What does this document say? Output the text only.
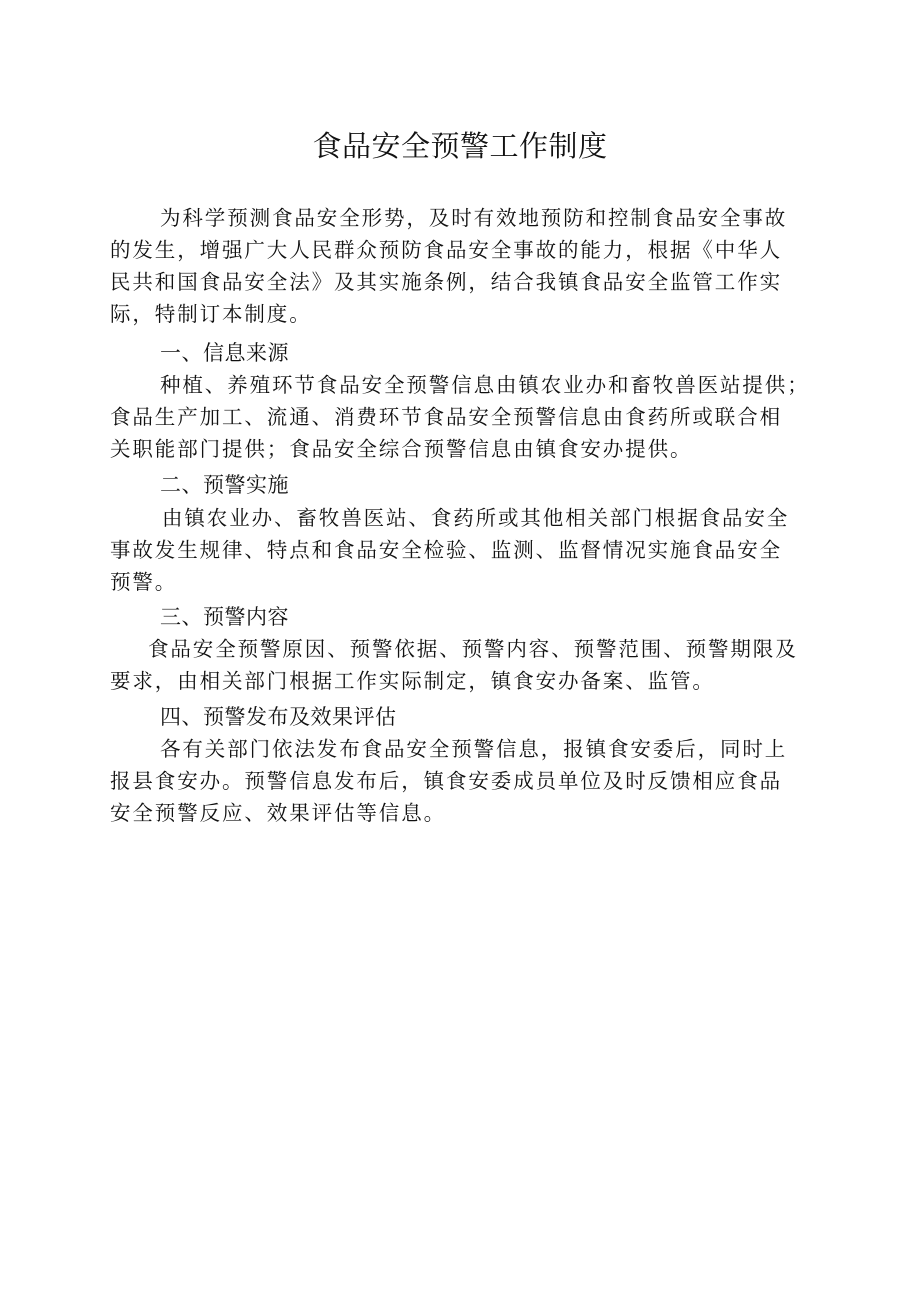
食品安全预警工作制度
为科学预测食品安全形势，及时有效地预防和控制食品安全事故
的发生，增强广大人民群众预防食品安全事故的能力，根据《中华人
民共和国食品安全法》及其实施条例，结合我镇食品安全监管工作实
际，特制订本制度。
一、信息来源
种植、养殖环节食品安全预警信息由镇农业办和畜牧兽医站提供；
食品生产加工、流通、消费环节食品安全预警信息由食药所或联合相
关职能部门提供；食品安全综合预警信息由镇食安办提供。
二、预警实施
由镇农业办、畜牧兽医站、食药所或其他相关部门根据食品安全
事故发生规律、特点和食品安全检验、监测、监督情况实施食品安全
预警。
三、预警内容
食品安全预警原因、预警依据、预警内容、预警范围、预警期限及
要求，由相关部门根据工作实际制定，镇食安办备案、监管。
四、预警发布及效果评估
各有关部门依法发布食品安全预警信息，报镇食安委后，同时上
报县食安办。预警信息发布后，镇食安委成员单位及时反馈相应食品
安全预警反应、效果评估等信息。
